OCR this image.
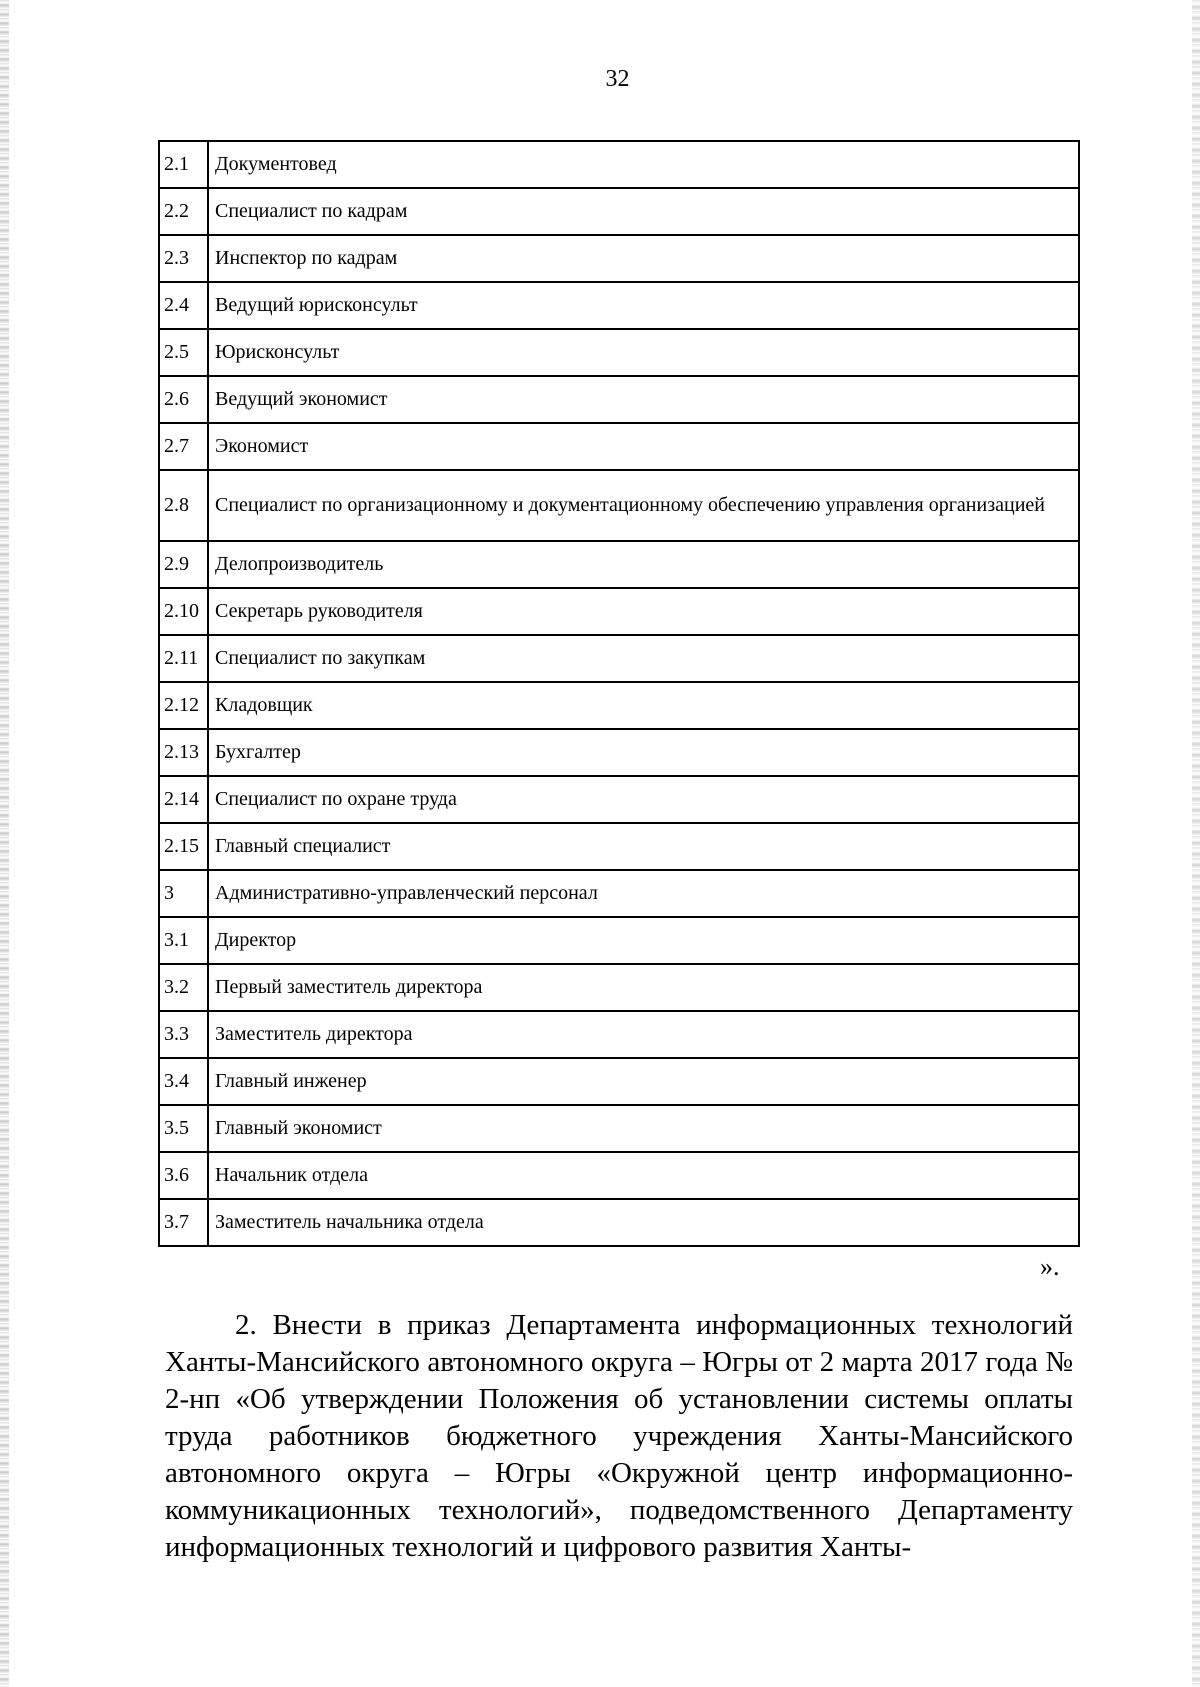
32
2.1	Документовед
2.2	Специалист по кадрам
2.3	Инспектор по кадрам
2.4	Ведущий юрисконсульт
2.5	Юрисконсульт
2.6	Ведущий экономист
2.7	Экономист
2.8	Специалист по организационному и документационному обеспечению управления организацией
2.9	Делопроизводитель
2.10	Секретарь руководителя
2.11	Специалист по закупкам
2.12	Кладовщик
2.13	Бухгалтер
2.14	Специалист по охране труда
2.15	Главный специалист
3	Административно-управленческий персонал
3.1	Директор
3.2	Первый заместитель директора
3.3	Заместитель директора
3.4	Главный инженер
3.5	Главный экономист
3.6	Начальник отдела
3.7	Заместитель начальника отдела
».

2. Внести в приказ Департамента информационных технологий Ханты-Мансийского автономного округа – Югры от 2 марта 2017 года № 2-нп «Об утверждении Положения об установлении системы оплаты труда работников бюджетного учреждения Ханты-Мансийского автономного округа – Югры «Окружной центр информационно-коммуникационных технологий», подведомственного Департаменту информационных технологий и цифрового развития Ханты-
